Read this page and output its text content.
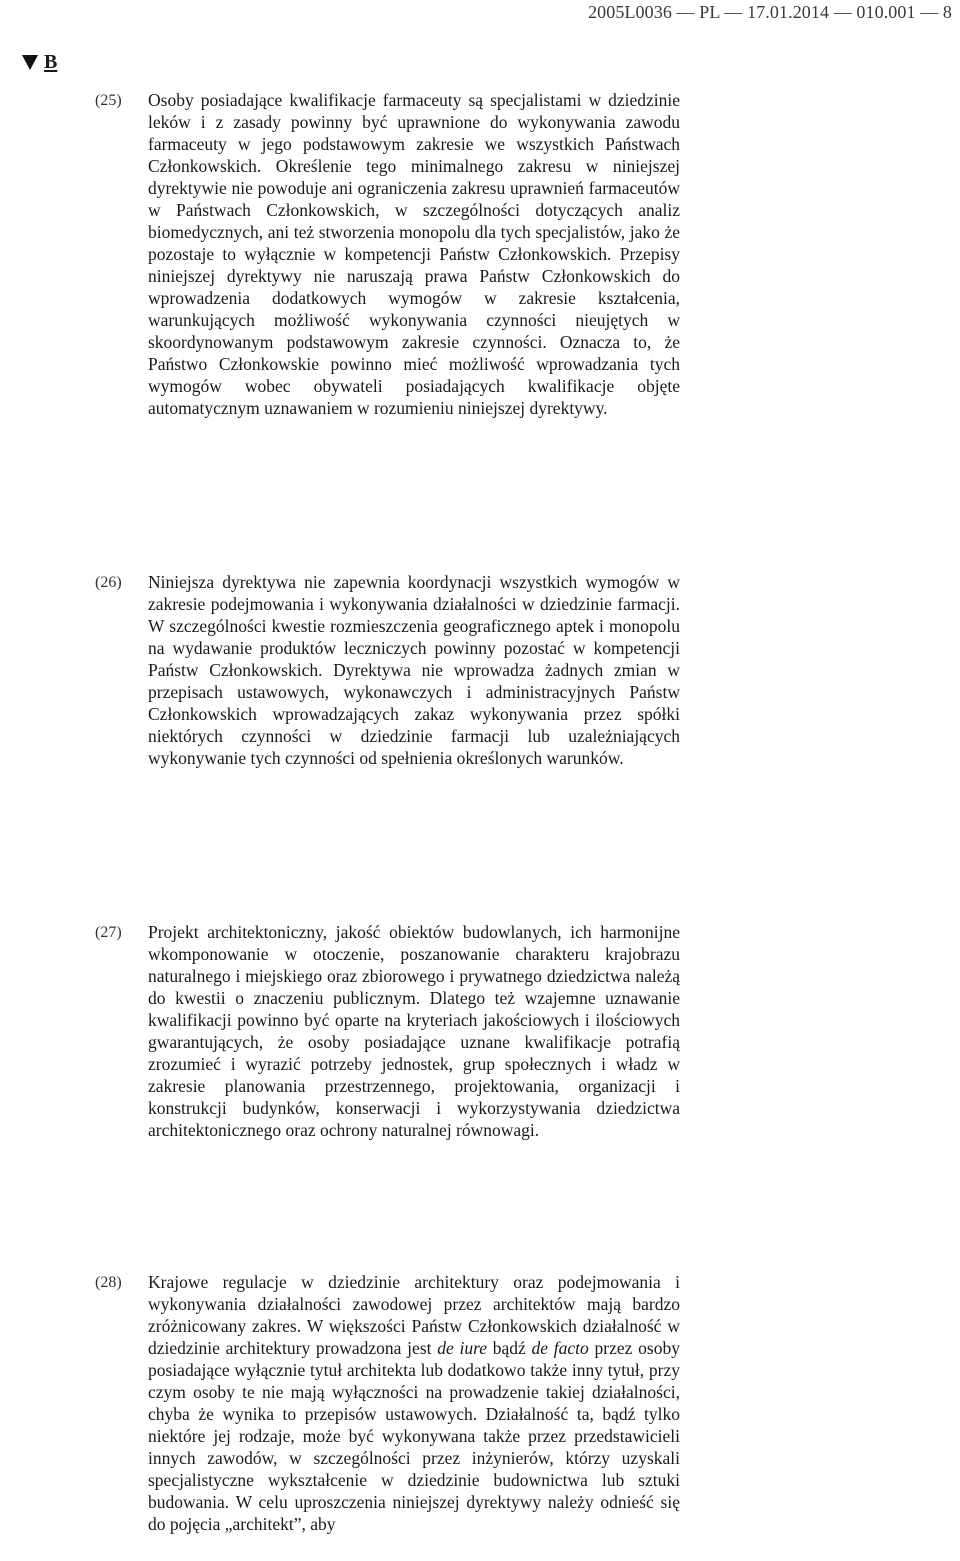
2005L0036 — PL — 17.01.2014 — 010.001 — 8
B
(25) Osoby posiadające kwalifikacje farmaceuty są specjalistami w dziedzinie leków i z zasady powinny być uprawnione do wykonywania zawodu farmaceuty w jego podstawowym zakresie we wszystkich Państwach Członkowskich. Określenie tego minimalnego zakresu w niniejszej dyrektywie nie powoduje ani ograniczenia zakresu uprawnień farmaceutów w Państwach Członkowskich, w szczególności dotyczących analiz biomedycznych, ani też stworzenia monopolu dla tych specjalistów, jako że pozostaje to wyłącznie w kompetencji Państw Członkowskich. Przepisy niniejszej dyrektywy nie naruszają prawa Państw Członkowskich do wprowadzenia dodatkowych wymogów w zakresie kształcenia, warunkujących możliwość wykonywania czynności nieujętych w skoordynowanym podstawowym zakresie czynności. Oznacza to, że Państwo Członkowskie powinno mieć możliwość wprowadzania tych wymogów wobec obywateli posiadających kwalifikacje objęte automatycznym uznawaniem w rozumieniu niniejszej dyrektywy.
(26) Niniejsza dyrektywa nie zapewnia koordynacji wszystkich wymogów w zakresie podejmowania i wykonywania działalności w dziedzinie farmacji. W szczególności kwestie rozmieszczenia geograficznego aptek i monopolu na wydawanie produktów leczniczych powinny pozostać w kompetencji Państw Członkowskich. Dyrektywa nie wprowadza żadnych zmian w przepisach ustawowych, wykonawczych i administracyjnych Państw Członkowskich wprowadzających zakaz wykonywania przez spółki niektórych czynności w dziedzinie farmacji lub uzależniających wykonywanie tych czynności od spełnienia określonych warunków.
(27) Projekt architektoniczny, jakość obiektów budowlanych, ich harmonijne wkomponowanie w otoczenie, poszanowanie charakteru krajobrazu naturalnego i miejskiego oraz zbiorowego i prywatnego dziedzictwa należą do kwestii o znaczeniu publicznym. Dlatego też wzajemne uznawanie kwalifikacji powinno być oparte na kryteriach jakościowych i ilościowych gwarantujących, że osoby posiadające uznane kwalifikacje potrafią zrozumieć i wyrazić potrzeby jednostek, grup społecznych i władz w zakresie planowania przestrzennego, projektowania, organizacji i konstrukcji budynków, konserwacji i wykorzystywania dziedzictwa architektonicznego oraz ochrony naturalnej równowagi.
(28) Krajowe regulacje w dziedzinie architektury oraz podejmowania i wykonywania działalności zawodowej przez architektów mają bardzo zróżnicowany zakres. W większości Państw Członkowskich działalność w dziedzinie architektury prowadzona jest de iure bądź de facto przez osoby posiadające wyłącznie tytuł architekta lub dodatkowo także inny tytuł, przy czym osoby te nie mają wyłączności na prowadzenie takiej działalności, chyba że wynika to przepisów ustawowych. Działalność ta, bądź tylko niektóre jej rodzaje, może być wykonywana także przez przedstawicieli innych zawodów, w szczególności przez inżynierów, którzy uzyskali specjalistyczne wykształcenie w dziedzinie budownictwa lub sztuki budowania. W celu uproszczenia niniejszej dyrektywy należy odnieść się do pojęcia „architekt”, aby
